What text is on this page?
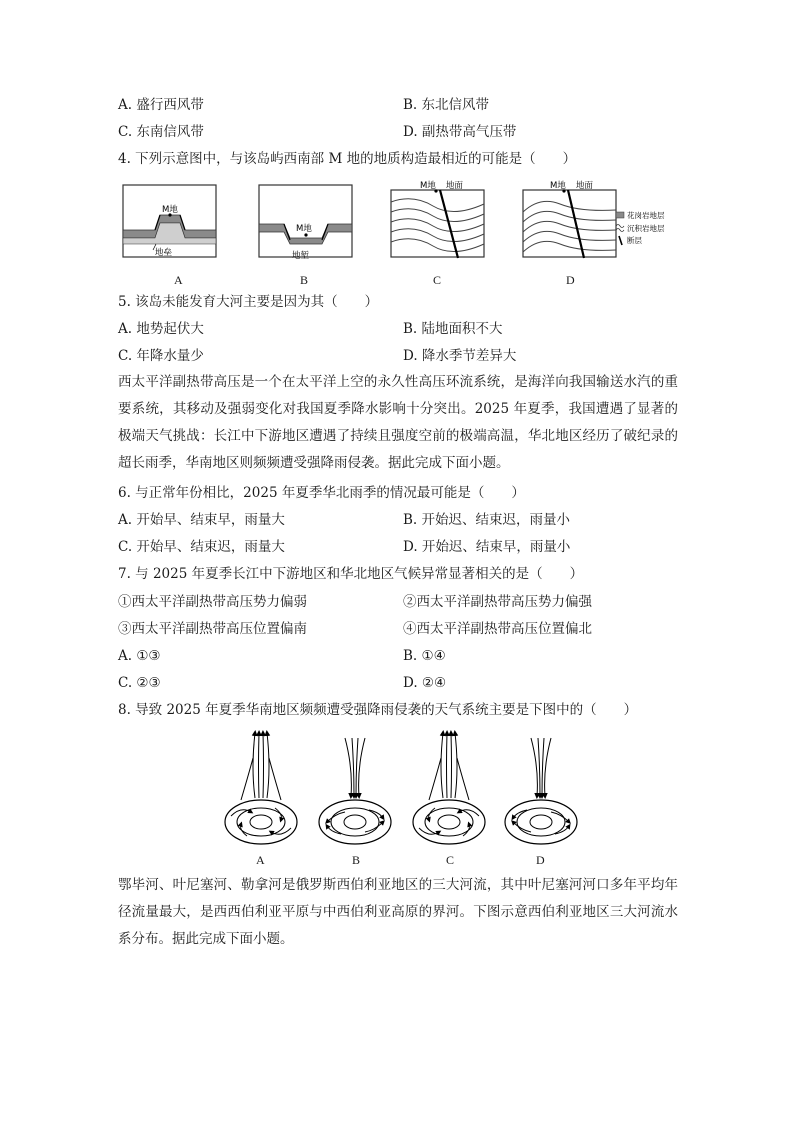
A. 盛行西风带	B. 东北信风带
C. 东南信风带	D. 副热带高气压带
4. 下列示意图中，与该岛屿西南部 M 地的地质构造最相近的可能是（　　）
M地
地垒
M地
地堑
M地 地面	M地 地面
花岗岩地层
沉积岩地层
断层
A	B	C	D
5. 该岛未能发育大河主要是因为其（　　）
A. 地势起伏大	B. 陆地面积不大
C. 年降水量少	D. 降水季节差异大
西太平洋副热带高压是一个在太平洋上空的永久性高压环流系统，是海洋向我国输送水汽的重要系统，其移动及强弱变化对我国夏季降水影响十分突出。2025 年夏季，我国遭遇了显著的极端天气挑战：长江中下游地区遭遇了持续且强度空前的极端高温，华北地区经历了破纪录的超长雨季，华南地区则频频遭受强降雨侵袭。据此完成下面小题。
6. 与正常年份相比，2025 年夏季华北雨季的情况最可能是（　　）
A. 开始早、结束早，雨量大	B. 开始迟、结束迟，雨量小
C. 开始早、结束迟，雨量大	D. 开始迟、结束早，雨量小
7. 与 2025 年夏季长江中下游地区和华北地区气候异常显著相关的是（　　）
①西太平洋副热带高压势力偏弱	②西太平洋副热带高压势力偏强
③西太平洋副热带高压位置偏南	④西太平洋副热带高压位置偏北
A. ①③	B. ①④
C. ②③	D. ②④
8. 导致 2025 年夏季华南地区频频遭受强降雨侵袭的天气系统主要是下图中的（　　）
A	B	C	D
鄂毕河、叶尼塞河、勒拿河是俄罗斯西伯利亚地区的三大河流，其中叶尼塞河河口多年平均年径流量最大，是西西伯利亚平原与中西伯利亚高原的界河。下图示意西伯利亚地区三大河流水系分布。据此完成下面小题。
